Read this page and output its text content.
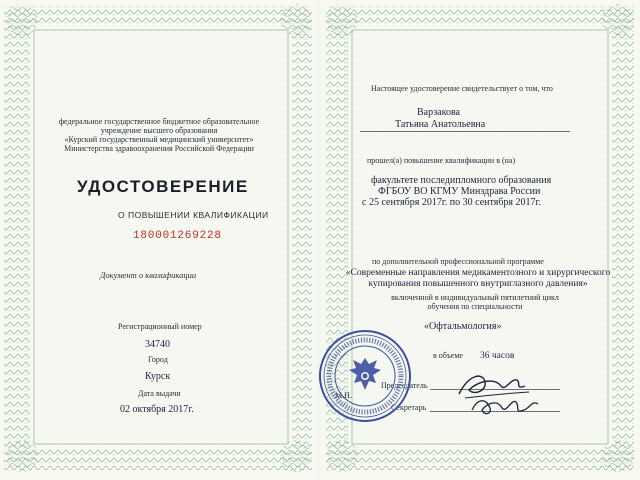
федеральное государственное бюджетное образовательное
учреждение высшего образования
«Курский государственный медицинский университет»
Министерства здравоохранения Российской Федерации
УДОСТОВЕРЕНИЕ
О ПОВЫШЕНИИ КВАЛИФИКАЦИИ
180001269228
Документ о квалификации
Регистрационный номер
34740
Город
Курск
Дата выдачи
02 октября 2017г.
Настоящее удостоверение свидетельствует о том, что
Варзакова
Татьяна Анатольевна
прошел(а) повышение квалификации в (на)
факультете последипломного образования
ФГБОУ ВО КГМУ Минздрава России
с 25 сентября 2017г. по 30 сентября 2017г.
по дополнительной профессиональной программе
«Современные направления медикаментозного и хирургического
купирования повышенного внутриглазного давления»
включенной в индивидуальный пятилетний цикл
обучения по специальности
«Офтальмология»
в объеме 36 часов
М.П.
Председатель
Секретарь
